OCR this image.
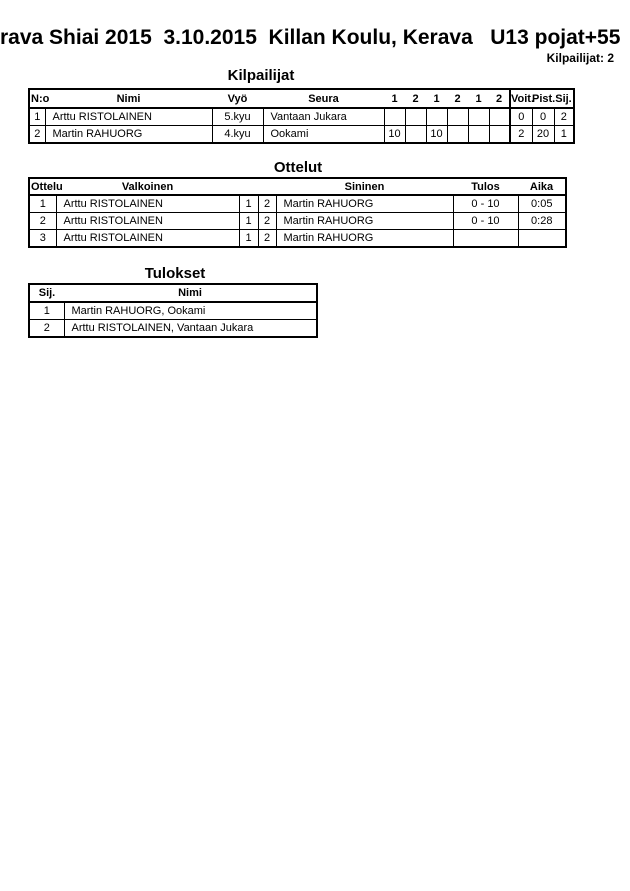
rava Shiai 2015  3.10.2015  Killan Koulu, Kerava   U13 pojat+55
Kilpailijat: 2
Kilpailijat
N:o	Nimi	Vyö	Seura	1	2	1	2	1	2	Voit.	Pist.	Sij.
1	Arttu RISTOLAINEN	5.kyu	Vantaan Jukara							0	0	2
2	Martin RAHUORG	4.kyu	Ookami	10		10				2	20	1
Ottelut
Ottelu	Valkoinen			Sininen	Tulos	Aika
1	Arttu RISTOLAINEN	1	2	Martin RAHUORG	0 - 10	0:05
2	Arttu RISTOLAINEN	1	2	Martin RAHUORG	0 - 10	0:28
3	Arttu RISTOLAINEN	1	2	Martin RAHUORG		
Tulokset
Sij.	Nimi
1	Martin RAHUORG, Ookami
2	Arttu RISTOLAINEN, Vantaan Jukara
